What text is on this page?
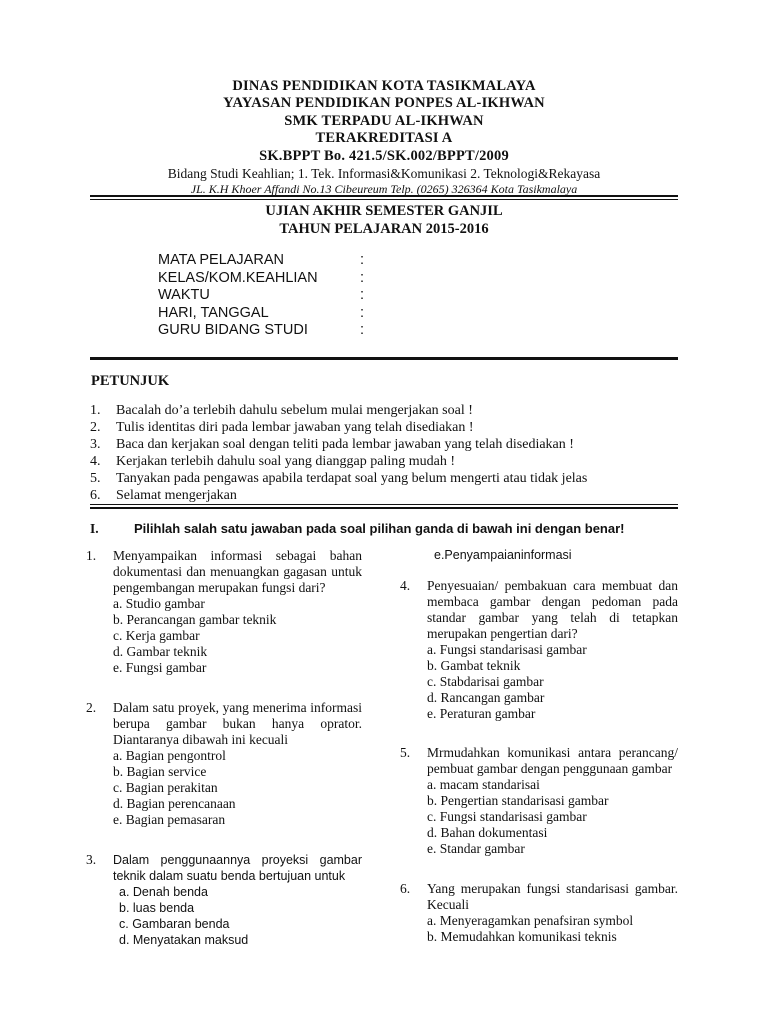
DINAS PENDIDIKAN KOTA TASIKMALAYA
YAYASAN PENDIDIKAN PONPES AL-IKHWAN
SMK TERPADU AL-IKHWAN
TERAKREDITASI A
SK.BPPT Bo. 421.5/SK.002/BPPT/2009
Bidang Studi Keahlian; 1. Tek. Informasi&Komunikasi 2. Teknologi&Rekayasa
JL. K.H Khoer Affandi No.13 Cibeureum Telp. (0265) 326364 Kota Tasikmalaya
UJIAN AKHIR SEMESTER GANJIL
TAHUN PELAJARAN 2015-2016
MATA PELAJARAN	:
KELAS/KOM.KEAHLIAN	:
WAKTU	:
HARI, TANGGAL	:
GURU BIDANG STUDI	:
PETUNJUK
1.	Bacalah do’a terlebih dahulu sebelum mulai mengerjakan soal !
2.	Tulis identitas diri pada lembar jawaban yang telah disediakan !
3.	Baca dan kerjakan soal dengan teliti pada lembar jawaban yang telah disediakan !
4.	Kerjakan terlebih dahulu soal yang dianggap paling mudah !
5.	Tanyakan pada pengawas apabila terdapat soal yang belum mengerti atau tidak jelas
6.	Selamat mengerjakan
I.	Pilihlah salah satu jawaban pada soal pilihan ganda di bawah ini dengan benar!
1. Menyampaikan informasi sebagai bahan dokumentasi dan menuangkan gagasan untuk pengembangan merupakan fungsi dari?
a. Studio gambar
b. Perancangan gambar teknik
c. Kerja gambar
d. Gambar teknik
e. Fungsi gambar
2. Dalam satu proyek, yang menerima informasi berupa gambar bukan hanya oprator. Diantaranya dibawah ini kecuali
a. Bagian pengontrol
b. Bagian service
c. Bagian perakitan
d. Bagian perencanaan
e. Bagian pemasaran
3. Dalam penggunaannya proyeksi gambar teknik dalam suatu benda bertujuan untuk
a. Denah benda
b. luas benda
c. Gambaran benda
d. Menyatakan maksud
e.Penyampaianinformasi
4. Penyesuaian/ pembakuan cara membuat dan membaca gambar dengan pedoman pada standar gambar yang telah di tetapkan merupakan pengertian dari?
a. Fungsi standarisasi gambar
b. Gambat teknik
c. Stabdarisai gambar
d. Rancangan gambar
e. Peraturan gambar
5. Mrmudahkan komunikasi antara perancang/ pembuat gambar dengan penggunaan gambar
a. macam standarisai
b. Pengertian standarisasi gambar
c. Fungsi standarisasi gambar
d. Bahan dokumentasi
e. Standar gambar
6. Yang merupakan fungsi standarisasi gambar. Kecuali
a. Menyeragamkan penafsiran symbol
b. Memudahkan komunikasi teknis
